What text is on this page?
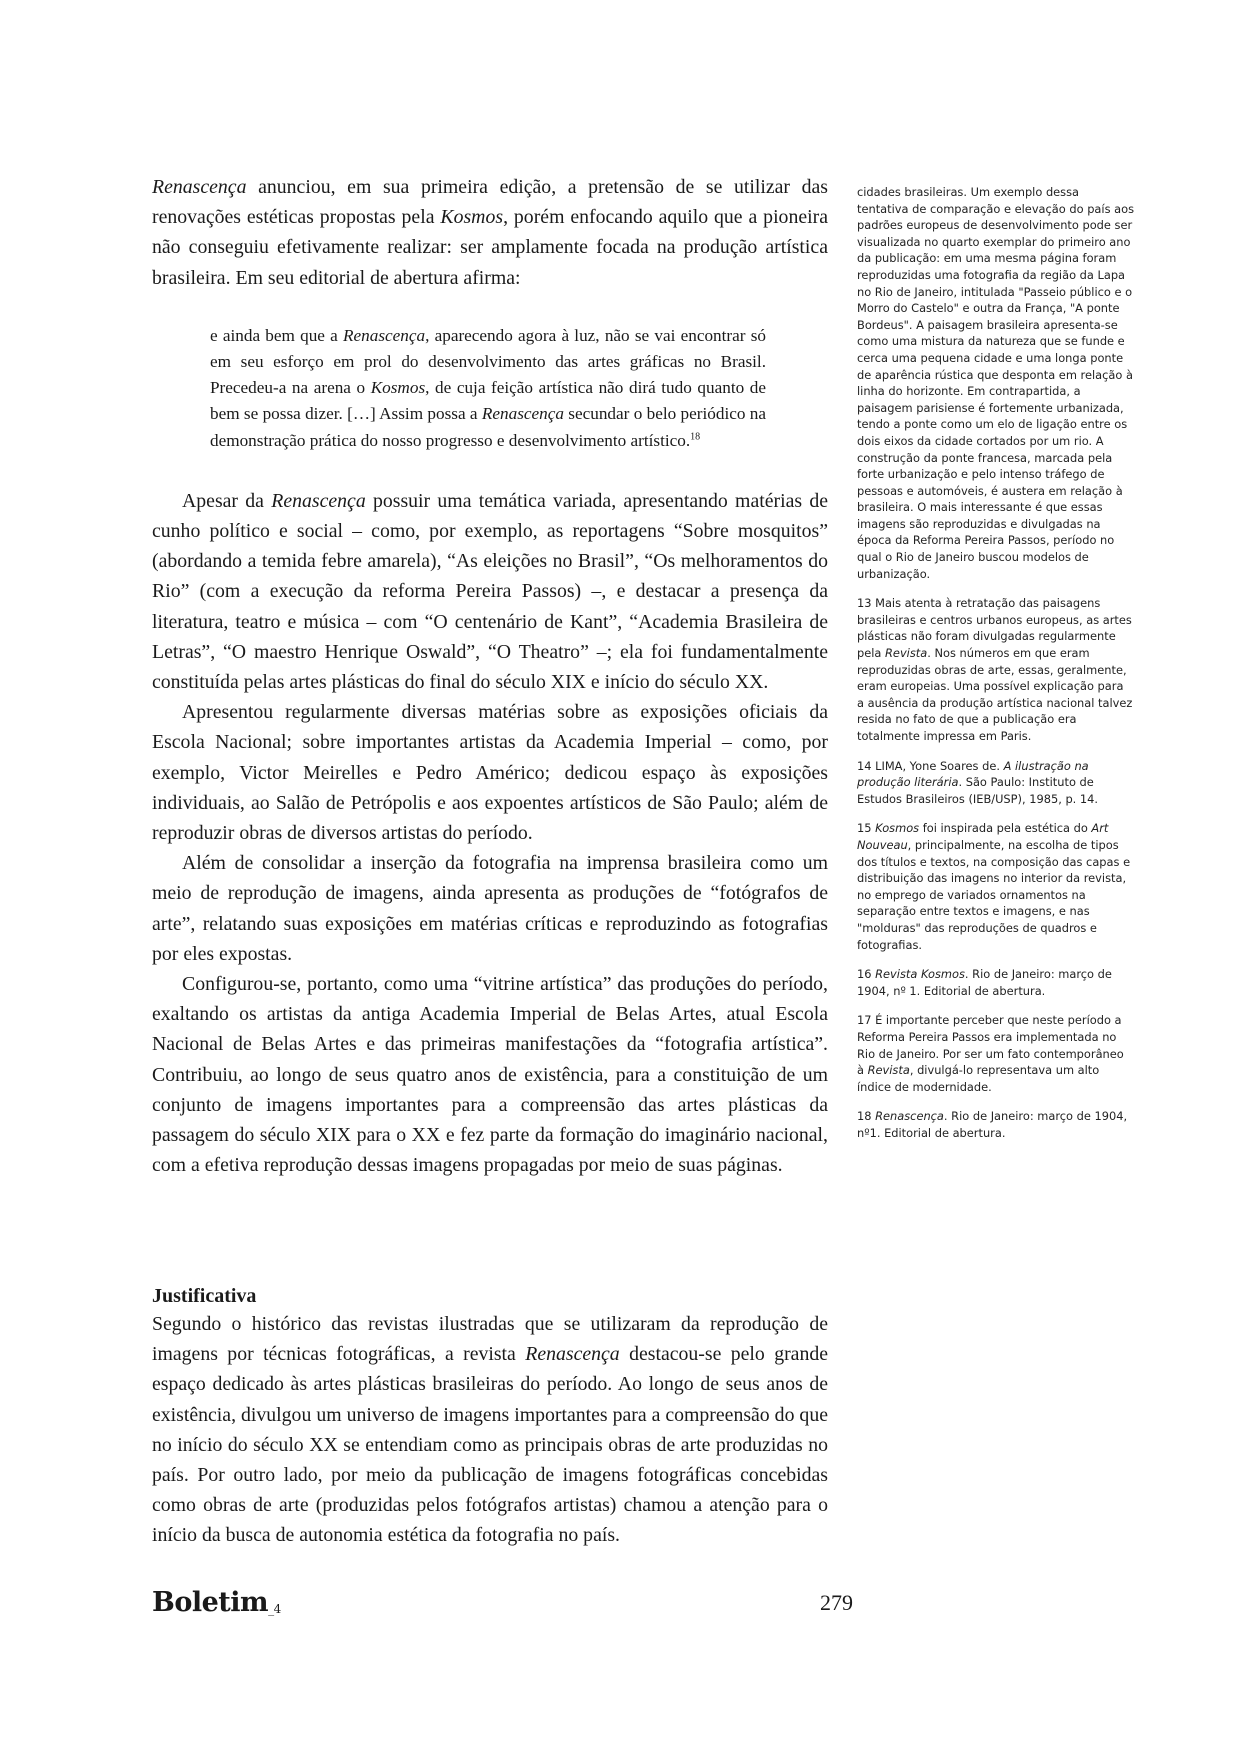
Renascença anunciou, em sua primeira edição, a pretensão de se utilizar das renovações estéticas propostas pela Kosmos, porém enfocando aquilo que a pioneira não conseguiu efetivamente realizar: ser amplamente focada na produção artística brasileira. Em seu editorial de abertura afirma:

e ainda bem que a Renascença, aparecendo agora à luz, não se vai encontrar só em seu esforço em prol do desenvolvimento das artes gráficas no Brasil. Precedeu-a na arena o Kosmos, de cuja feição artística não dirá tudo quanto de bem se possa dizer. […] Assim possa a Renascença secundar o belo periódico na demonstração prática do nosso progresso e desenvolvimento artístico.$^{18}$

Apesar da Renascença possuir uma temática variada, apresentando matérias de cunho político e social – como, por exemplo, as reportagens “Sobre mosquitos” (abordando a temida febre amarela), “As eleições no Brasil”, “Os melhoramentos do Rio” (com a execução da reforma Pereira Passos) –, e destacar a presença da literatura, teatro e música – com “O centenário de Kant”, “Academia Brasileira de Letras”, “O maestro Henrique Oswald”, “O Theatro” –; ela foi fundamentalmente constituída pelas artes plásticas do final do século XIX e início do século XX.

Apresentou regularmente diversas matérias sobre as exposições oficiais da Escola Nacional; sobre importantes artistas da Academia Imperial – como, por exemplo, Victor Meirelles e Pedro Américo; dedicou espaço às exposições individuais, ao Salão de Petrópolis e aos expoentes artísticos de São Paulo; além de reproduzir obras de diversos artistas do período.

Além de consolidar a inserção da fotografia na imprensa brasileira como um meio de reprodução de imagens, ainda apresenta as produções de “fotógrafos de arte”, relatando suas exposições em matérias críticas e reproduzindo as fotografias por eles expostas.

Configurou-se, portanto, como uma “vitrine artística” das produções do período, exaltando os artistas da antiga Academia Imperial de Belas Artes, atual Escola Nacional de Belas Artes e das primeiras manifestações da “fotografia artística”. Contribuiu, ao longo de seus quatro anos de existência, para a constituição de um conjunto de imagens importantes para a compreensão das artes plásticas da passagem do século XIX para o XX e fez parte da formação do imaginário nacional, com a efetiva reprodução dessas imagens propagadas por meio de suas páginas.

Justificativa

Segundo o histórico das revistas ilustradas que se utilizaram da reprodução de imagens por técnicas fotográficas, a revista Renascença destacou-se pelo grande espaço dedicado às artes plásticas brasileiras do período. Ao longo de seus anos de existência, divulgou um universo de imagens importantes para a compreensão do que no início do século XX se entendiam como as principais obras de arte produzidas no país. Por outro lado, por meio da publicação de imagens fotográficas concebidas como obras de arte (produzidas pelos fotógrafos artistas) chamou a atenção para o início da busca de autonomia estética da fotografia no país.

cidades brasileiras. Um exemplo dessa tentativa de comparação e elevação do país aos padrões europeus de desenvolvimento pode ser visualizada no quarto exemplar do primeiro ano da publicação: em uma mesma página foram reproduzidas uma fotografia da região da Lapa no Rio de Janeiro, intitulada "Passeio público e o Morro do Castelo" e outra da França, "A ponte Bordeus". A paisagem brasileira apresenta-se como uma mistura da natureza que se funde e cerca uma pequena cidade e uma longa ponte de aparência rústica que desponta em relação à linha do horizonte. Em contrapartida, a paisagem parisiense é fortemente urbanizada, tendo a ponte como um elo de ligação entre os dois eixos da cidade cortados por um rio. A construção da ponte francesa, marcada pela forte urbanização e pelo intenso tráfego de pessoas e automóveis, é austera em relação à brasileira. O mais interessante é que essas imagens são reproduzidas e divulgadas na época da Reforma Pereira Passos, período no qual o Rio de Janeiro buscou modelos de urbanização.

13 Mais atenta à retratação das paisagens brasileiras e centros urbanos europeus, as artes plásticas não foram divulgadas regularmente pela Revista. Nos números em que eram reproduzidas obras de arte, essas, geralmente, eram europeias. Uma possível explicação para a ausência da produção artística nacional talvez resida no fato de que a publicação era totalmente impressa em Paris.

14 LIMA, Yone Soares de. A ilustração na produção literária. São Paulo: Instituto de Estudos Brasileiros (IEB/USP), 1985, p. 14.

15 Kosmos foi inspirada pela estética do Art Nouveau, principalmente, na escolha de tipos dos títulos e textos, na composição das capas e distribuição das imagens no interior da revista, no emprego de variados ornamentos na separação entre textos e imagens, e nas "molduras" das reproduções de quadros e fotografias.

16 Revista Kosmos. Rio de Janeiro: março de 1904, nº 1. Editorial de abertura.

17 É importante perceber que neste período a Reforma Pereira Passos era implementada no Rio de Janeiro. Por ser um fato contemporâneo à Revista, divulgá-lo representava um alto índice de modernidade.

18 Renascença. Rio de Janeiro: março de 1904, nº1. Editorial de abertura.

Boletim_4	279
